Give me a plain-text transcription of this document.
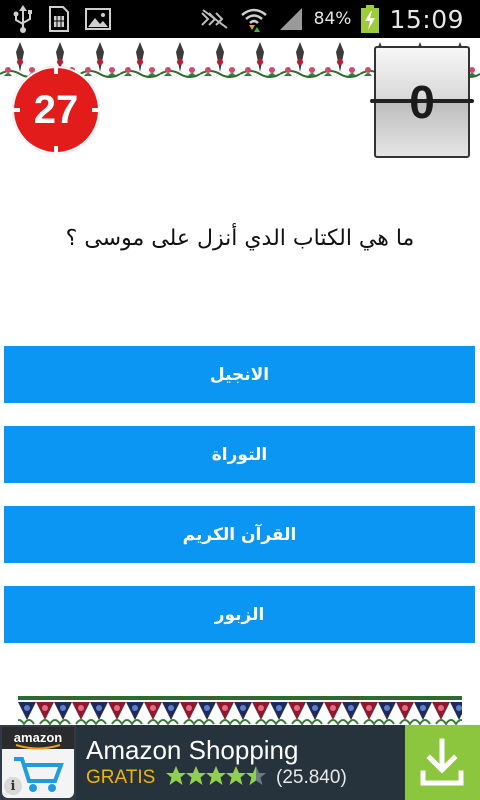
84% 15:09
27	0
ما هي الكتاب الدي أنزل على موسى ؟
الانجيل
التوراة
القرآن الكريم
الزبور
amazon
i
Amazon Shopping
GRATIS	(25.840)
